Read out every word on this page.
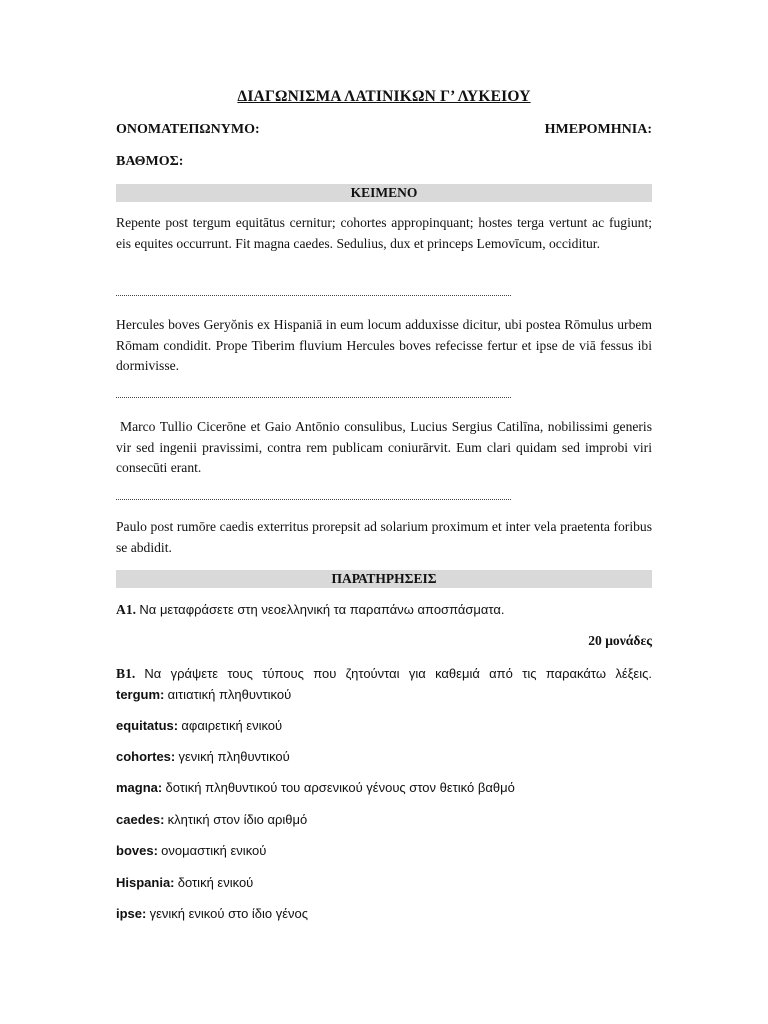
ΔΙΑΓΩΝΙΣΜΑ ΛΑΤΙΝΙΚΩΝ Γ’ ΛΥΚΕΙΟΥ
ΟΝΟΜΑΤΕΠΩΝΥΜΟ:	ΗΜΕΡΟΜΗΝΙΑ:
ΒΑΘΜΟΣ:
ΚΕΙΜΕΝΟ
Repente post tergum equitātus cernitur; cohortes appropinquant; hostes terga vertunt ac fugiunt; eis equites occurrunt. Fit magna caedes. Sedulius, dux et princeps Lemovīcum, occiditur.
Hercules boves Geryŏnis ex Hispaniā in eum locum adduxisse dicitur, ubi postea Rōmulus urbem Rōmam condidit. Prope Tiberim fluvium Hercules boves refecisse fertur et ipse de viā fessus ibi dormivisse.
Marco Tullio Cicerōne et Gaio Antōnio consulibus, Lucius Sergius Catilīna, nobilissimi generis vir sed ingenii pravissimi, contra rem publicam coniurārvit. Eum clari quidam sed improbi viri consecūti erant.
Paulo post rumōre caedis exterritus prorepsit ad solarium proximum et inter vela praetenta foribus se abdidit.
ΠΑΡΑΤΗΡΗΣΕΙΣ
Α1. Να μεταφράσετε στη νεοελληνική τα παραπάνω αποσπάσματα.
20 μονάδες
Β1. Να γράψετε τους τύπους που ζητούνται για καθεμιά από τις παρακάτω λέξεις.
tergum: αιτιατική πληθυντικού
equitatus: αφαιρετική ενικού
cohortes: γενική πληθυντικού
magna: δοτική πληθυντικού του αρσενικού γένους στον θετικό βαθμό
caedes: κλητική στον ίδιο αριθμό
boves: ονομαστική ενικού
Hispania: δοτική ενικού
ipse: γενική ενικού στο ίδιο γένος
